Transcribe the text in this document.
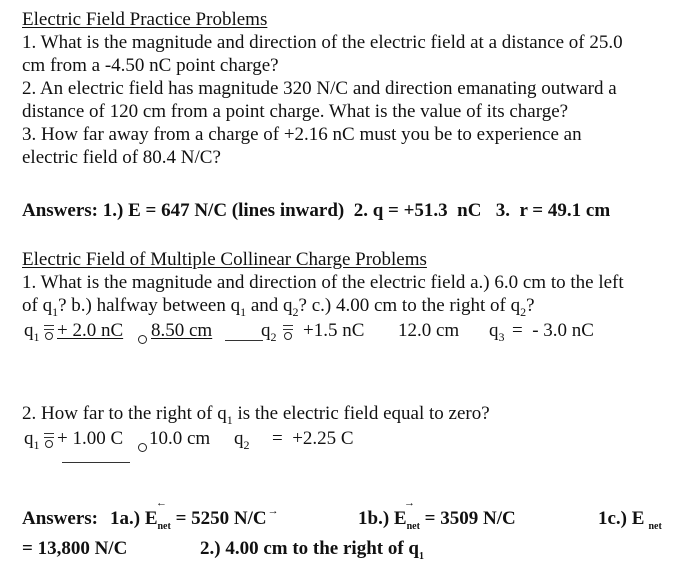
Electric Field Practice Problems
1. What is the magnitude and direction of the electric field at a distance of 25.0
cm from a -4.50 nC point charge?
2. An electric field has magnitude 320 N/C and direction emanating outward a
distance of 120 cm from a point charge. What is the value of its charge?
3. How far away from a charge of +2.16 nC must you be to experience an
electric field of 80.4 N/C?
Answers: 1.) E = 647 N/C (lines inward)  2. q = +51.3  nC   3.  r = 49.1 cm
Electric Field of Multiple Collinear Charge Problems
1. What is the magnitude and direction of the electric field a.) 6.0 cm to the left
of $q_1$? b.) halfway between $q_1$ and $q_2$? c.) 4.00 cm to the right of $q_2$?
$q_1 + 2.0$ nC 8.50 cm	$q_2 +1.5$ nC 12.0 cm $q_3$ =  - 3.0 nC
2. How far to the right of $q_1$ is the electric field equal to zero?
$q_1 + 1.00$ C 10.0 cm $q_2 = +2.25$ C
Answers: 1a.) E
←
$_{net}$ = 5250 N/C→	1b.) E
→
$_{net}$ = 3509 N/C	1c.) E $_{net}$
= 13,800 N/C	2.) 4.00 cm to the right of $q_1$
